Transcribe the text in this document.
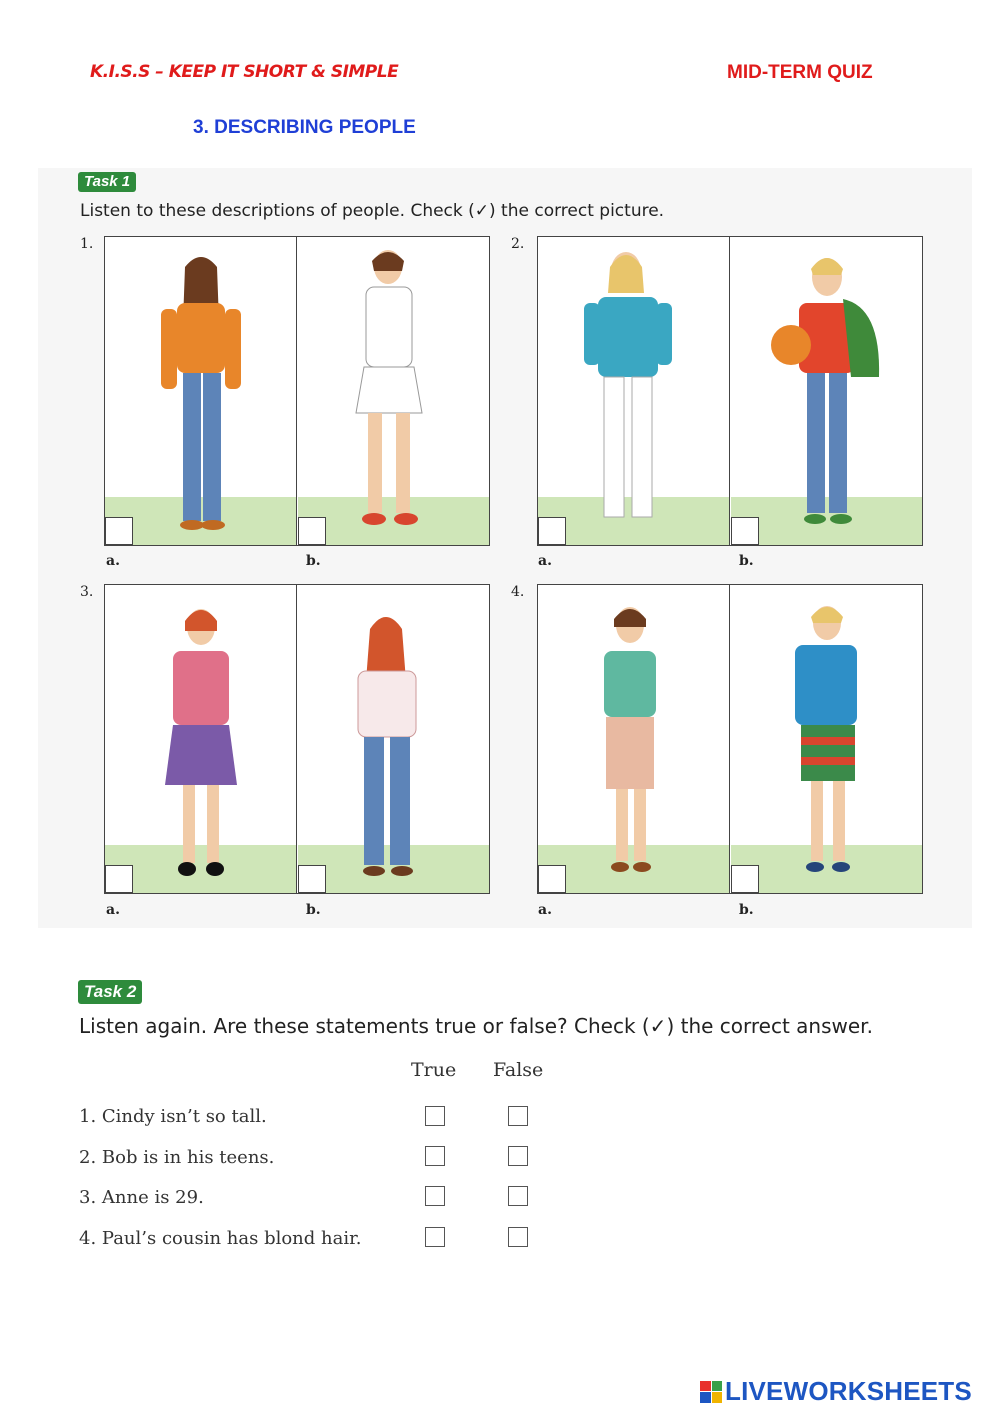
K.I.S.S – KEEP IT SHORT & SIMPLE	MID-TERM QUIZ
3. DESCRIBING PEOPLE
Task 1
Listen to these descriptions of people. Check (✓) the correct picture.
1.
a.	b.
2.
a.	b.
3.
a.	b.
4.
a.	b.
Task 2
Listen again. Are these statements true or false? Check (✓) the correct answer.
True False
1. Cindy isn’t so tall.
2. Bob is in his teens.
3. Anne is 29.
4. Paul’s cousin has blond hair.
LIVEWORKSHEETS
